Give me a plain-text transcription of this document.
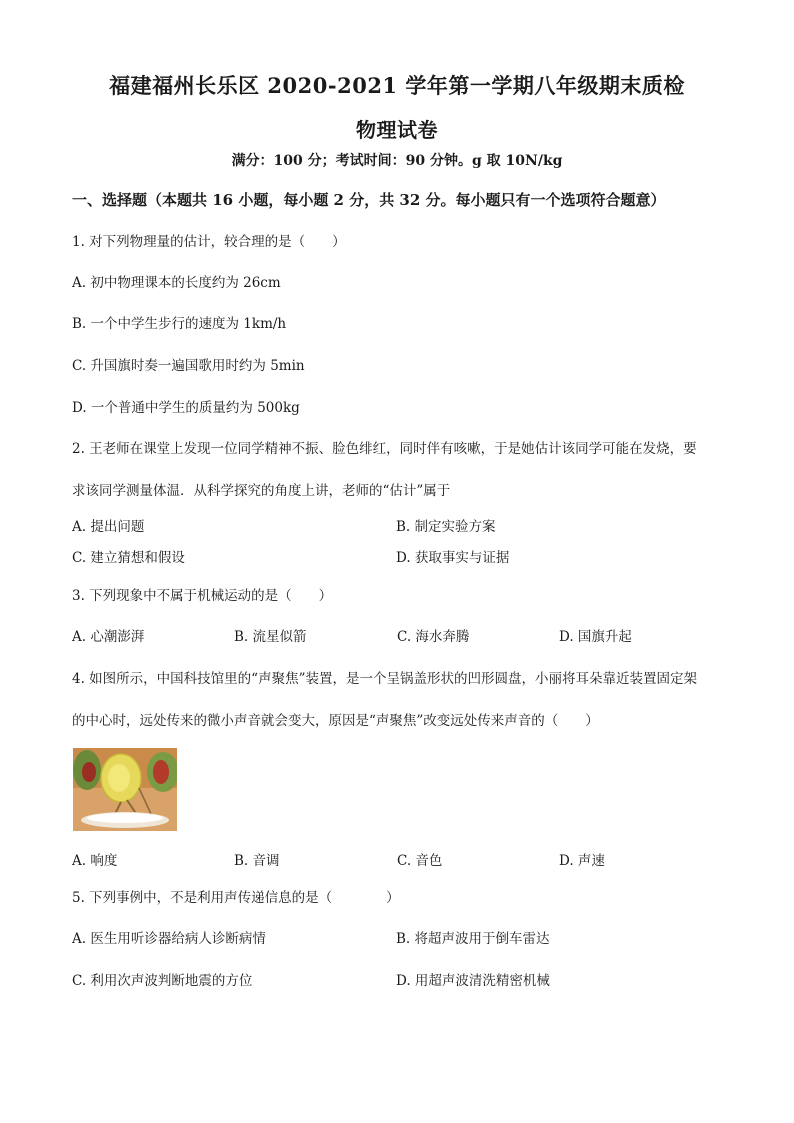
福建福州长乐区 2020-2021 学年第一学期八年级期末质检
物理试卷
满分：100 分；考试时间：90 分钟。g 取 10N/kg
一、选择题（本题共 16 小题，每小题 2 分，共 32 分。每小题只有一个选项符合题意）
1. 对下列物理量的估计，较合理的是（　　）
A. 初中物理课本的长度约为 26cm
B. 一个中学生步行的速度为 1km/h
C. 升国旗时奏一遍国歌用时约为 5min
D. 一个普通中学生的质量约为 500kg
2. 王老师在课堂上发现一位同学精神不振、脸色绯红，同时伴有咳嗽，于是她估计该同学可能在发烧，要
求该同学测量体温．从科学探究的角度上讲，老师的“估计”属于
A. 提出问题	B. 制定实验方案
C. 建立猜想和假设	D. 获取事实与证据
3. 下列现象中不属于机械运动的是（　　）
A. 心潮澎湃	B. 流星似箭	C. 海水奔腾	D. 国旗升起
4. 如图所示，中国科技馆里的“声聚焦”装置，是一个呈锅盖形状的凹形圆盘，小丽将耳朵靠近装置固定架
的中心时，远处传来的微小声音就会变大，原因是“声聚焦”改变远处传来声音的（　　）
A. 响度	B. 音调	C. 音色	D. 声速
5. 下列事例中，不是利用声传递信息的是（　　　　）
A. 医生用听诊器给病人诊断病情	B. 将超声波用于倒车雷达
C. 利用次声波判断地震的方位	D. 用超声波清洗精密机械
